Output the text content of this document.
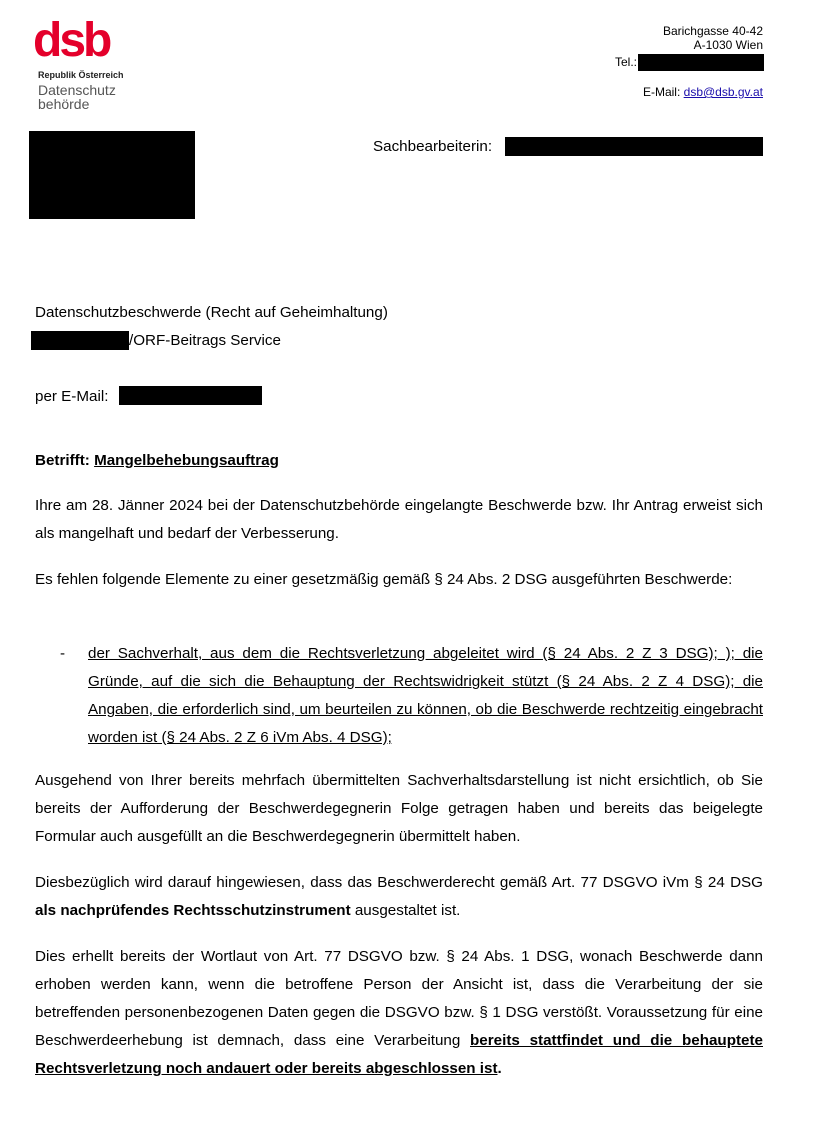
dsb
Republik Österreich
Datenschutz
behörde
Barichgasse 40-42
A-1030 Wien
Tel.:
E-Mail: dsb@dsb.gv.at
Sachbearbeiterin:
Datenschutzbeschwerde (Recht auf Geheimhaltung)
/ORF-Beitrags Service
per E-Mail:
Betrifft: Mangelbehebungsauftrag
Ihre am 28. Jänner 2024 bei der Datenschutzbehörde eingelangte Beschwerde bzw. Ihr Antrag erweist sich als mangelhaft und bedarf der Verbesserung.
Es fehlen folgende Elemente zu einer gesetzmäßig gemäß § 24 Abs. 2 DSG ausgeführten Beschwerde:
- der Sachverhalt, aus dem die Rechtsverletzung abgeleitet wird (§ 24 Abs. 2 Z 3 DSG); ); die Gründe, auf die sich die Behauptung der Rechtswidrigkeit stützt (§ 24 Abs. 2 Z 4 DSG); die Angaben, die erforderlich sind, um beurteilen zu können, ob die Beschwerde rechtzeitig eingebracht worden ist (§ 24 Abs. 2 Z 6 iVm Abs. 4 DSG);
Ausgehend von Ihrer bereits mehrfach übermittelten Sachverhaltsdarstellung ist nicht ersichtlich, ob Sie bereits der Aufforderung der Beschwerdegegnerin Folge getragen haben und bereits das beigelegte Formular auch ausgefüllt an die Beschwerdegegnerin übermittelt haben.
Diesbezüglich wird darauf hingewiesen, dass das Beschwerderecht gemäß Art. 77 DSGVO iVm § 24 DSG als nachprüfendes Rechtsschutzinstrument ausgestaltet ist.
Dies erhellt bereits der Wortlaut von Art. 77 DSGVO bzw. § 24 Abs. 1 DSG, wonach Beschwerde dann erhoben werden kann, wenn die betroffene Person der Ansicht ist, dass die Verarbeitung der sie betreffenden personenbezogenen Daten gegen die DSGVO bzw. § 1 DSG verstößt. Voraussetzung für eine Beschwerdeerhebung ist demnach, dass eine Verarbeitung bereits stattfindet und die behauptete Rechtsverletzung noch andauert oder bereits abgeschlossen ist.
